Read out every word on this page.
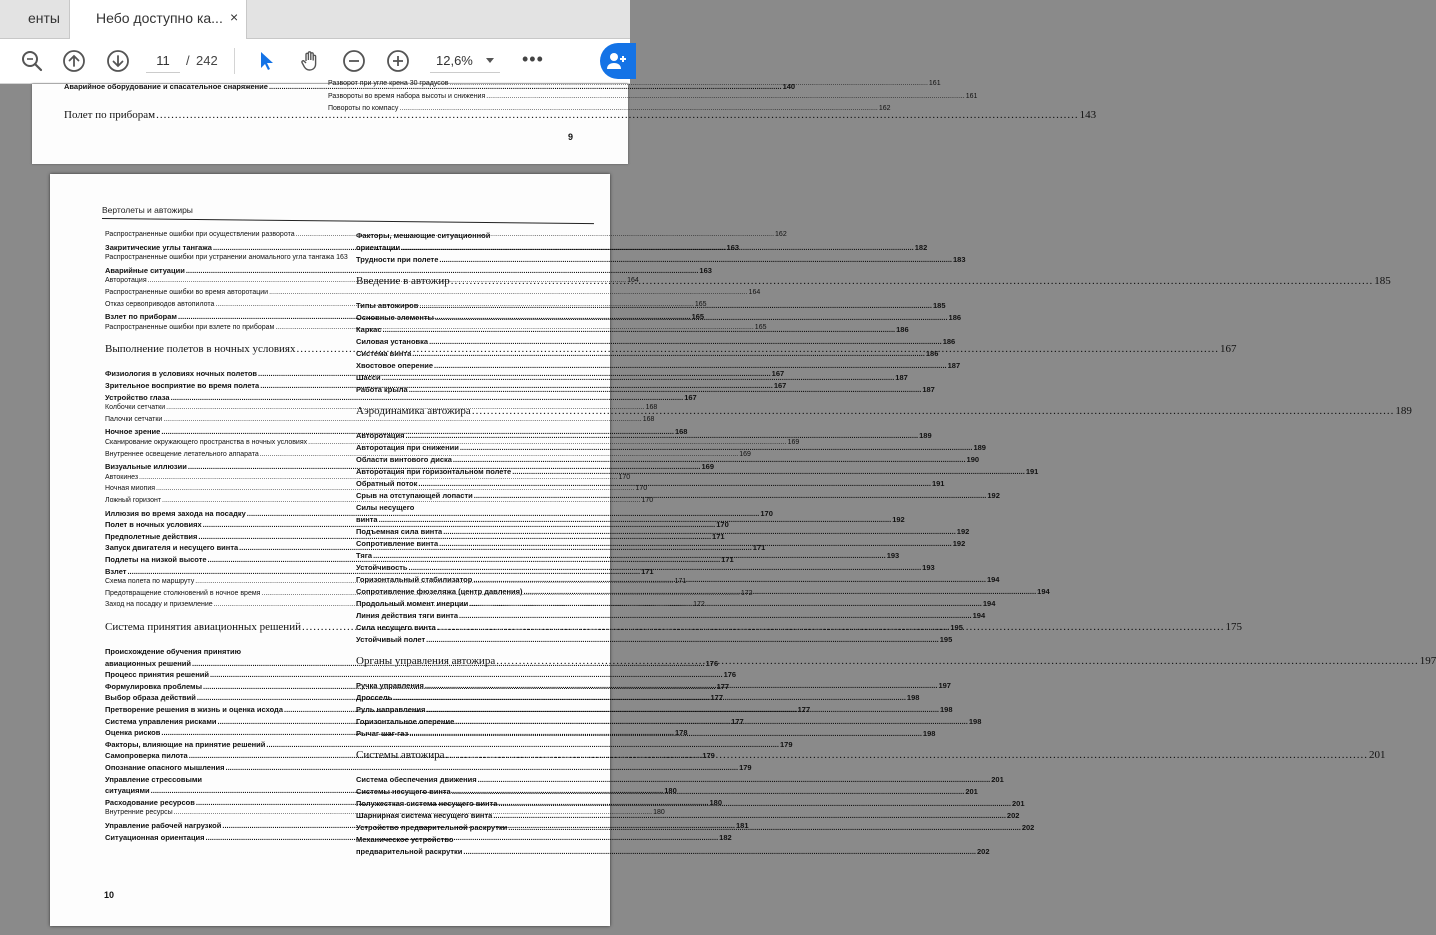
енты	Небо доступно ка... ×
11
/ 242	12,6%	•••
Аварийное оборудование и спасательное снаряжение .....	140
Полет по приборам .....	143
Разворот при угле крена 30 градусов .....	161
Развороты во время набора высоты и снижения .....	161
Повороты по компасу .....	162
9
Вертолеты и автожиры
Распространенные ошибки при осуществлении разворота .....	162
Закритические углы тангажа .....	163
Распространенные ошибки при устранении аномального угла тангажа 163
Аварийные ситуации .....	163
Авторотация .....	164
Распространенные ошибки во время авторотации .....	164
Отказ сервоприводов автопилота .....	165
Взлет по приборам .....	165
Распространенные ошибки при взлете по приборам .....	165
Выполнение полетов в ночных условиях .....	167
Физиология в условиях ночных полетов .....	167
Зрительное восприятие во время полета .....	167
Устройство глаза .....	167
Колбочки сетчатки .....	168
Палочки сетчатки .....	168
Ночное зрение .....	168
Сканирование окружающего пространства в ночных условиях .....	169
Внутреннее освещение летательного аппарата .....	169
Визуальные иллюзии .....	169
Автокинез .....	170
Ночная миопия .....	170
Ложный горизонт .....	170
Иллюзия во время захода на посадку .....	170
Полет в ночных условиях .....	170
Предполетные действия .....	171
Запуск двигателя и несущего винта .....	171
Подлеты на низкой высоте .....	171
Взлет .....	171
Схема полета по маршруту .....	171
Предотвращение столкновений в ночное время .....	172
Заход на посадку и приземление .....	172
Система принятия авиационных решений .....	175
Происхождение обучения принятию
авиационных решений .....	176
Процесс принятия решений .....	176
Формулировка проблемы .....	177
Выбор образа действий .....	177
Претворение решения в жизнь и оценка исхода .....	177
Система управления рисками .....	177
Оценка рисков .....	178
Факторы, влияющие на принятие решений .....	179
Самопроверка пилота .....	179
Опознание опасного мышления .....	179
Управление стрессовыми
ситуациями .....	180
Расходование ресурсов .....	180
Внутренние ресурсы .....	180
Управление рабочей нагрузкой .....	181
Ситуационная ориентация .....	182
Факторы, мешающие ситуационной
ориентации .....	182
Трудности при полете .....	183
Введение в автожир .....	185
Типы автожиров .....	185
Основные элементы .....	186
Каркас .....	186
Силовая установка .....	186
Система винта .....	186
Хвостовое оперение .....	187
Шасси .....	187
Работа крыла .....	187
Аэродинамика автожира .....	189
Авторотация .....	189
Авторотация при снижении .....	189
Области винтового диска .....	190
Авторотация при горизонтальном полете .....	191
Обратный поток .....	191
Срыв на отступающей лопасти .....	192
Силы несущего
винта .....	192
Подъемная сила винта .....	192
Сопротивление винта .....	192
Тяга .....	193
Устойчивость .....	193
Горизонтальный стабилизатор .....	194
Сопротивление фюзеляжа (центр давления) .....	194
Продольный момент инерции .....	194
Линия действия тяги винта .....	194
Сила несущего винта .....	195
Устойчивый полет .....	195
Органы управления автожира .....	197
Ручка управления .....	197
Дроссель .....	198
Руль направления .....	198
Горизонтальное оперение .....	198
Рычаг шаг-газ .....	198
Системы автожира .....	201
Система обеспечения движения .....	201
Системы несущего винта .....	201
Полужесткая система несущего винта .....	201
Шарнирная система несущего винта .....	202
Устройство предварительной раскрутки .....	202
Механическое устройство
предварительной раскрутки .....	202
10
